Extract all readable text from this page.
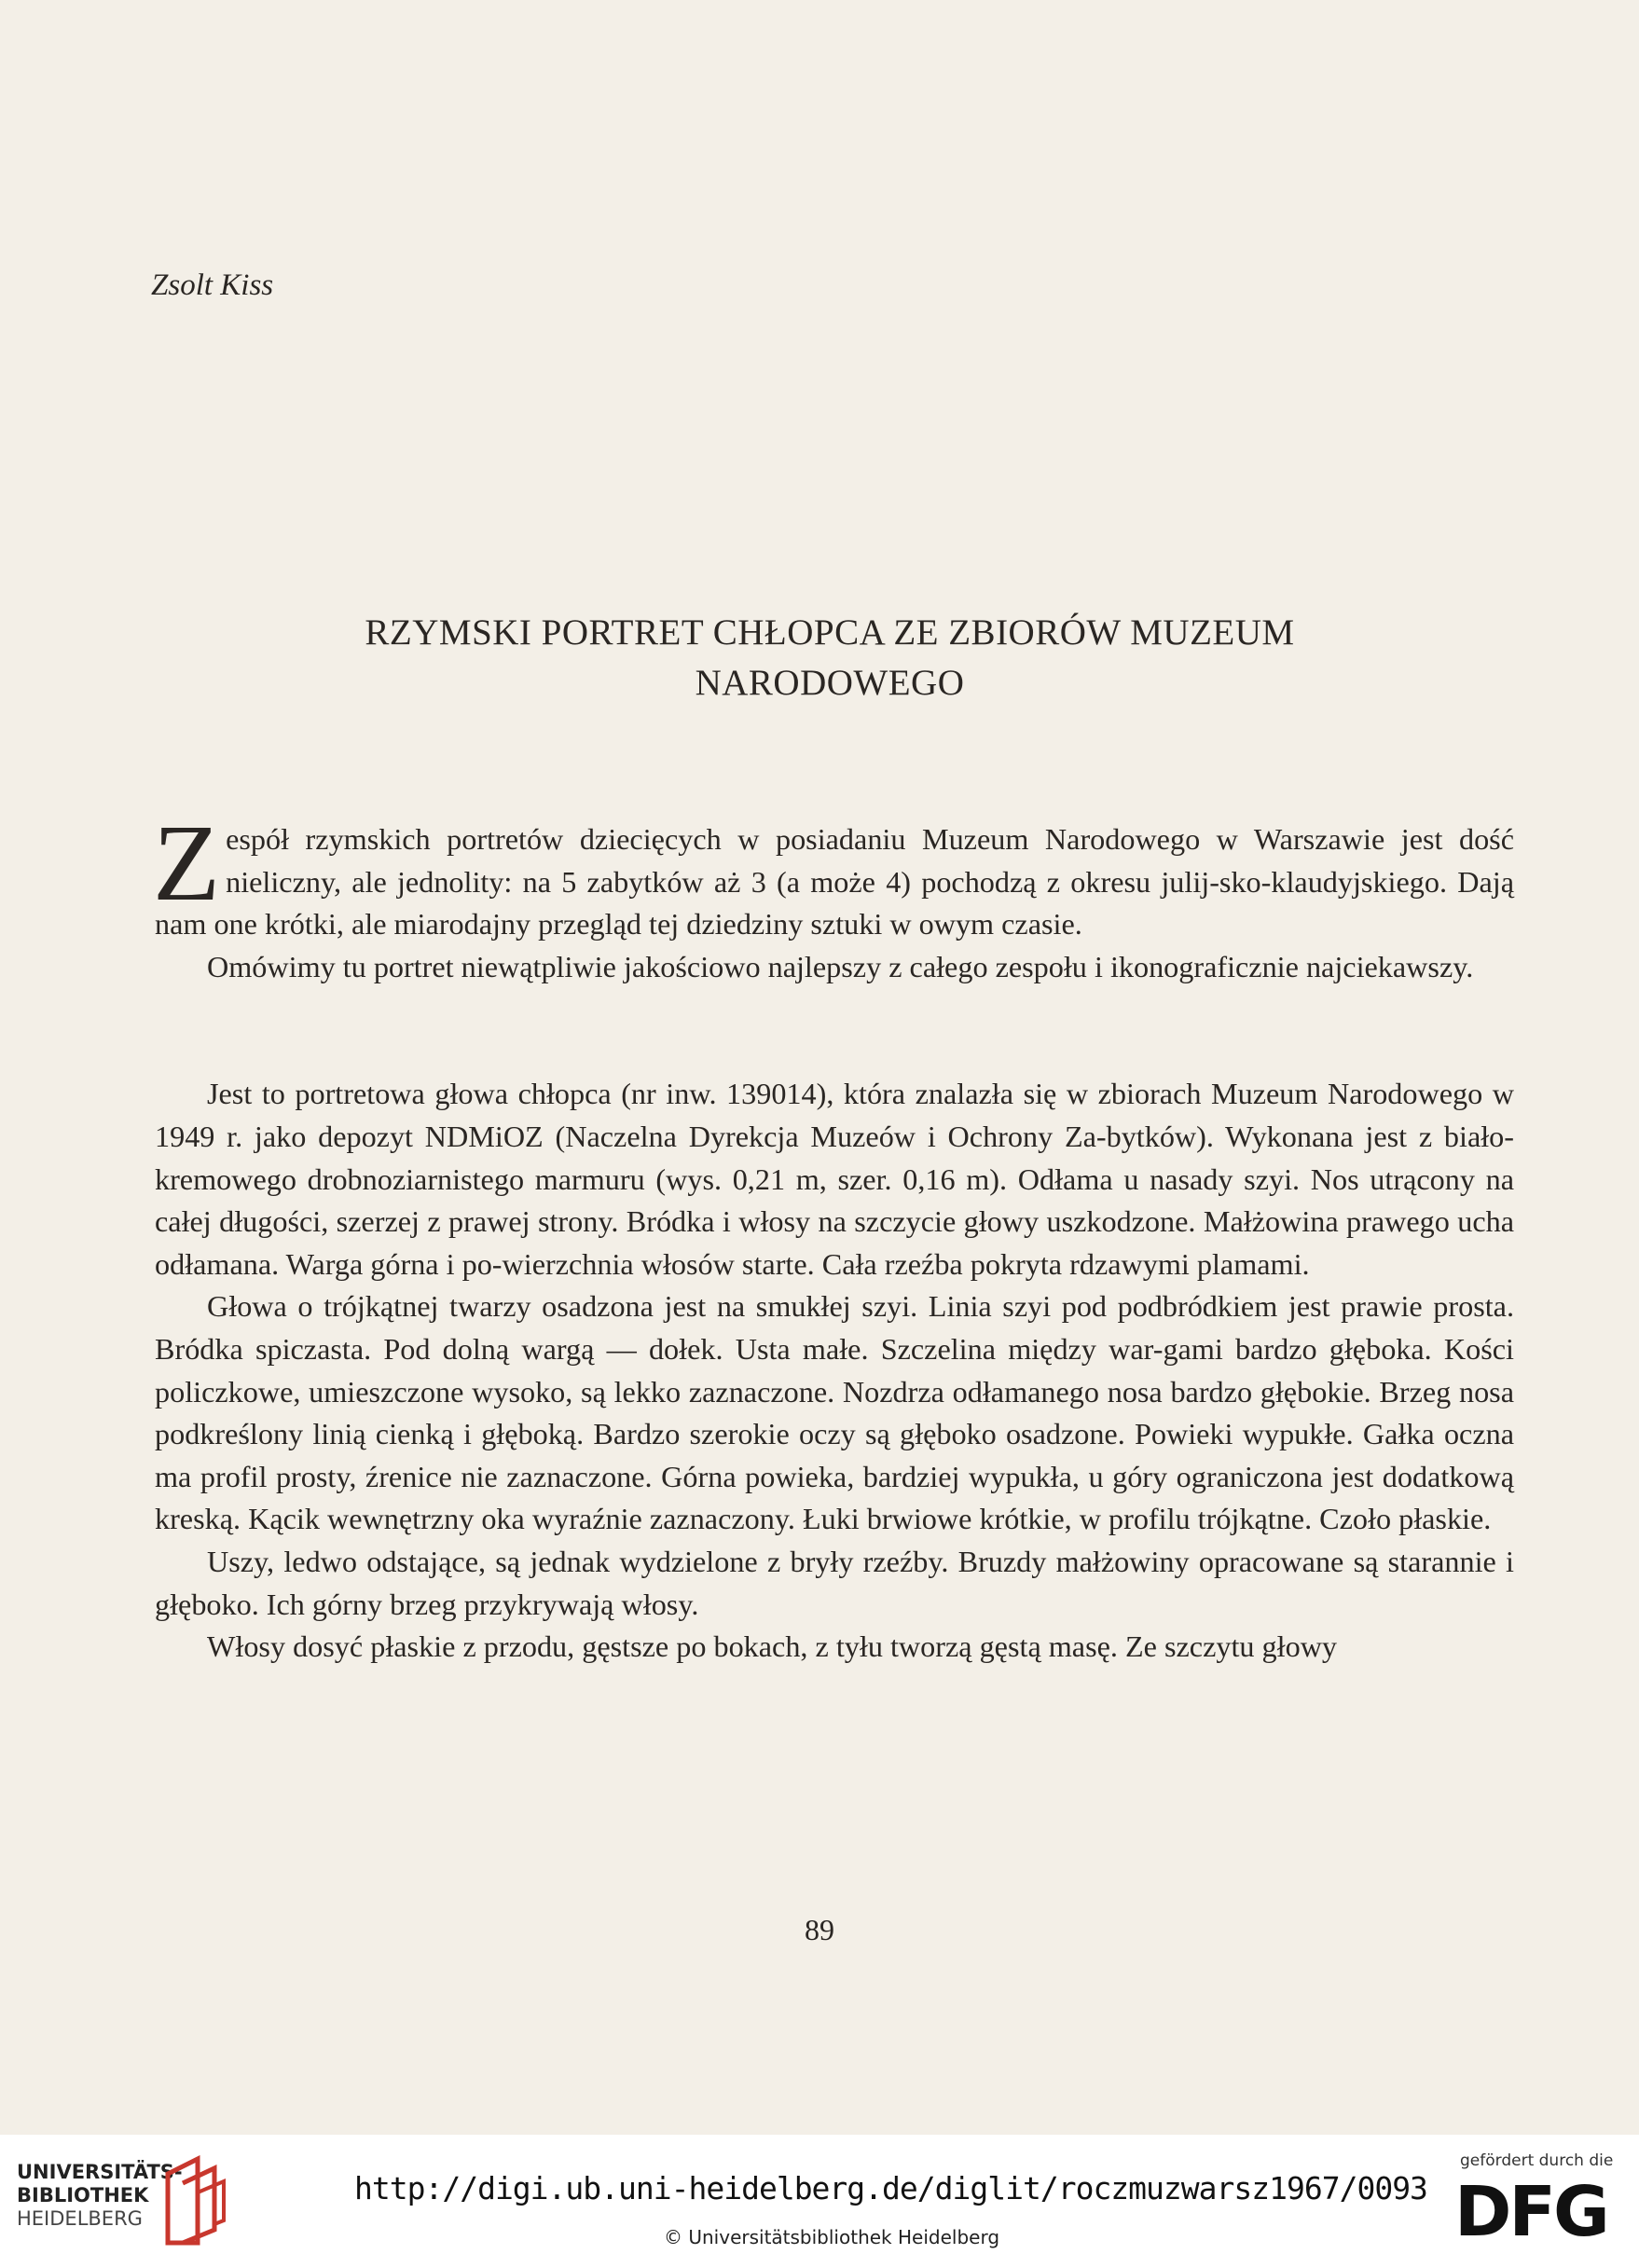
Zsolt Kiss
RZYMSKI PORTRET CHŁOPCA ZE ZBIORÓW MUZEUM
NARODOWEGO

Zespół rzymskich portretów dziecięcych w posiadaniu Muzeum Narodowego w Warszawie jest dość nieliczny, ale jednolity: na 5 zabytków aż 3 (a może 4) pochodzą z okresu julij-sko-klaudyjskiego. Dają nam one krótki, ale miarodajny przegląd tej dziedziny sztuki w owym czasie.

Omówimy tu portret niewątpliwie jakościowo najlepszy z całego zespołu i ikonograficznie najciekawszy.

Jest to portretowa głowa chłopca (nr inw. 139014), która znalazła się w zbiorach Muzeum Narodowego w 1949 r. jako depozyt NDMiOZ (Naczelna Dyrekcja Muzeów i Ochrony Za-bytków). Wykonana jest z biało-kremowego drobnoziarnistego marmuru (wys. 0,21 m, szer. 0,16 m). Odłama u nasady szyi. Nos utrącony na całej długości, szerzej z prawej strony. Bródka i włosy na szczycie głowy uszkodzone. Małżowina prawego ucha odłamana. Warga górna i po-wierzchnia włosów starte. Cała rzeźba pokryta rdzawymi plamami.

Głowa o trójkątnej twarzy osadzona jest na smukłej szyi. Linia szyi pod podbródkiem jest prawie prosta. Bródka spiczasta. Pod dolną wargą — dołek. Usta małe. Szczelina między war-gami bardzo głęboka. Kości policzkowe, umieszczone wysoko, są lekko zaznaczone. Nozdrza odłamanego nosa bardzo głębokie. Brzeg nosa podkreślony linią cienką i głęboką. Bardzo szerokie oczy są głęboko osadzone. Powieki wypukłe. Gałka oczna ma profil prosty, źrenice nie zaznaczone. Górna powieka, bardziej wypukła, u góry ograniczona jest dodatkową kreską. Kącik wewnętrzny oka wyraźnie zaznaczony. Łuki brwiowe krótkie, w profilu trójkątne. Czoło płaskie.

Uszy, ledwo odstające, są jednak wydzielone z bryły rzeźby. Bruzdy małżowiny opracowane są starannie i głęboko. Ich górny brzeg przykrywają włosy.

Włosy dosyć płaskie z przodu, gęstsze po bokach, z tyłu tworzą gęstą masę. Ze szczytu głowy

89
UNIVERSITÄTS-
BIBLIOTHEK
HEIDELBERG
http://digi.ub.uni-heidelberg.de/diglit/roczmuzwarsz1967/0093
© Universitätsbibliothek Heidelberg
gefördert durch die
DFG
